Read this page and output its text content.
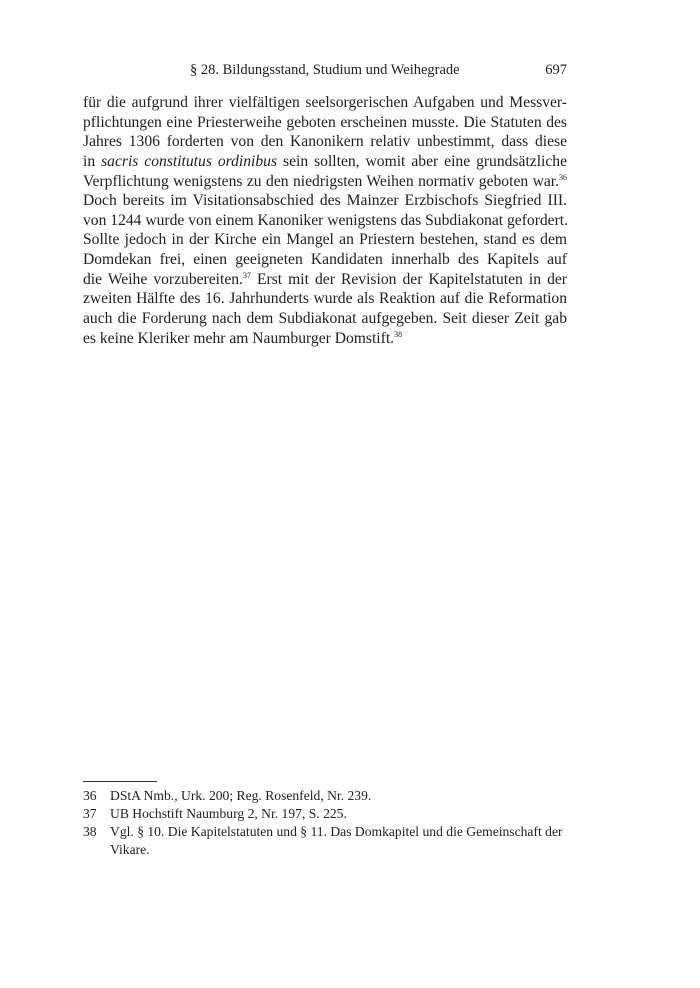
§ 28. Bildungsstand, Studium und Weihegrade	697
für die aufgrund ihrer vielfältigen seelsorgerischen Aufgaben und Messver-
pflichtungen eine Priesterweihe geboten erscheinen musste. Die Statuten des
Jahres 1306 forderten von den Kanonikern relativ unbestimmt, dass diese
in sacris constitutus ordinibus sein sollten, womit aber eine grundsätzliche
Verpflichtung wenigstens zu den niedrigsten Weihen normativ geboten war.$^{36}$
Doch bereits im Visitationsabschied des Mainzer Erzbischofs Siegfried III.
von 1244 wurde von einem Kanoniker wenigstens das Subdiakonat gefordert.
Sollte jedoch in der Kirche ein Mangel an Priestern bestehen, stand es dem
Domdekan frei, einen geeigneten Kandidaten innerhalb des Kapitels auf
die Weihe vorzubereiten.$^{37}$ Erst mit der Revision der Kapitelstatuten in der
zweiten Hälfte des 16. Jahrhunderts wurde als Reaktion auf die Reformation
auch die Forderung nach dem Subdiakonat aufgegeben. Seit dieser Zeit gab
es keine Kleriker mehr am Naumburger Domstift.$^{38}$
36 DStA Nmb., Urk. 200; Reg. Rosenfeld, Nr. 239.
37 UB Hochstift Naumburg 2, Nr. 197, S. 225.
38 Vgl. § 10. Die Kapitelstatuten und § 11. Das Domkapitel und die Gemeinschaft der Vikare.
